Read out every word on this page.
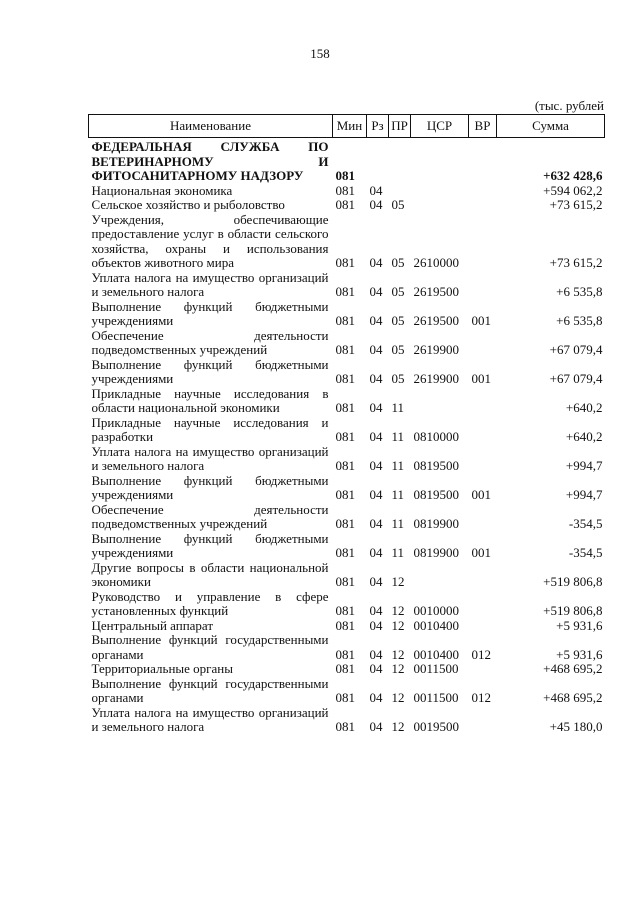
158
(тыс. рублей
Наименование	Мин	Рз	ПР	ЦСР	ВР	Сумма
ФЕДЕРАЛЬНАЯ СЛУЖБА ПО ВЕТЕРИНАРНОМУ И ФИТОСАНИТАРНОМУ НАДЗОРУ	081					+632 428,6
Национальная экономика	081	04				+594 062,2
Сельское хозяйство и рыболовство	081	04	05			+73 615,2
Учреждения, обеспечивающие предоставление услуг в области сельского хозяйства, охраны и использования объектов животного мира	081	04	05	2610000		+73 615,2
Уплата налога на имущество организаций и земельного налога	081	04	05	2619500		+6 535,8
Выполнение функций бюджетными учреждениями	081	04	05	2619500	001	+6 535,8
Обеспечение деятельности подведомственных учреждений	081	04	05	2619900		+67 079,4
Выполнение функций бюджетными учреждениями	081	04	05	2619900	001	+67 079,4
Прикладные научные исследования в области национальной экономики	081	04	11			+640,2
Прикладные научные исследования и разработки	081	04	11	0810000		+640,2
Уплата налога на имущество организаций и земельного налога	081	04	11	0819500		+994,7
Выполнение функций бюджетными учреждениями	081	04	11	0819500	001	+994,7
Обеспечение деятельности подведомственных учреждений	081	04	11	0819900		-354,5
Выполнение функций бюджетными учреждениями	081	04	11	0819900	001	-354,5
Другие вопросы в области национальной экономики	081	04	12			+519 806,8
Руководство и управление в сфере установленных функций	081	04	12	0010000		+519 806,8
Центральный аппарат	081	04	12	0010400		+5 931,6
Выполнение функций государственными органами	081	04	12	0010400	012	+5 931,6
Территориальные органы	081	04	12	0011500		+468 695,2
Выполнение функций государственными органами	081	04	12	0011500	012	+468 695,2
Уплата налога на имущество организаций и земельного налога	081	04	12	0019500		+45 180,0
